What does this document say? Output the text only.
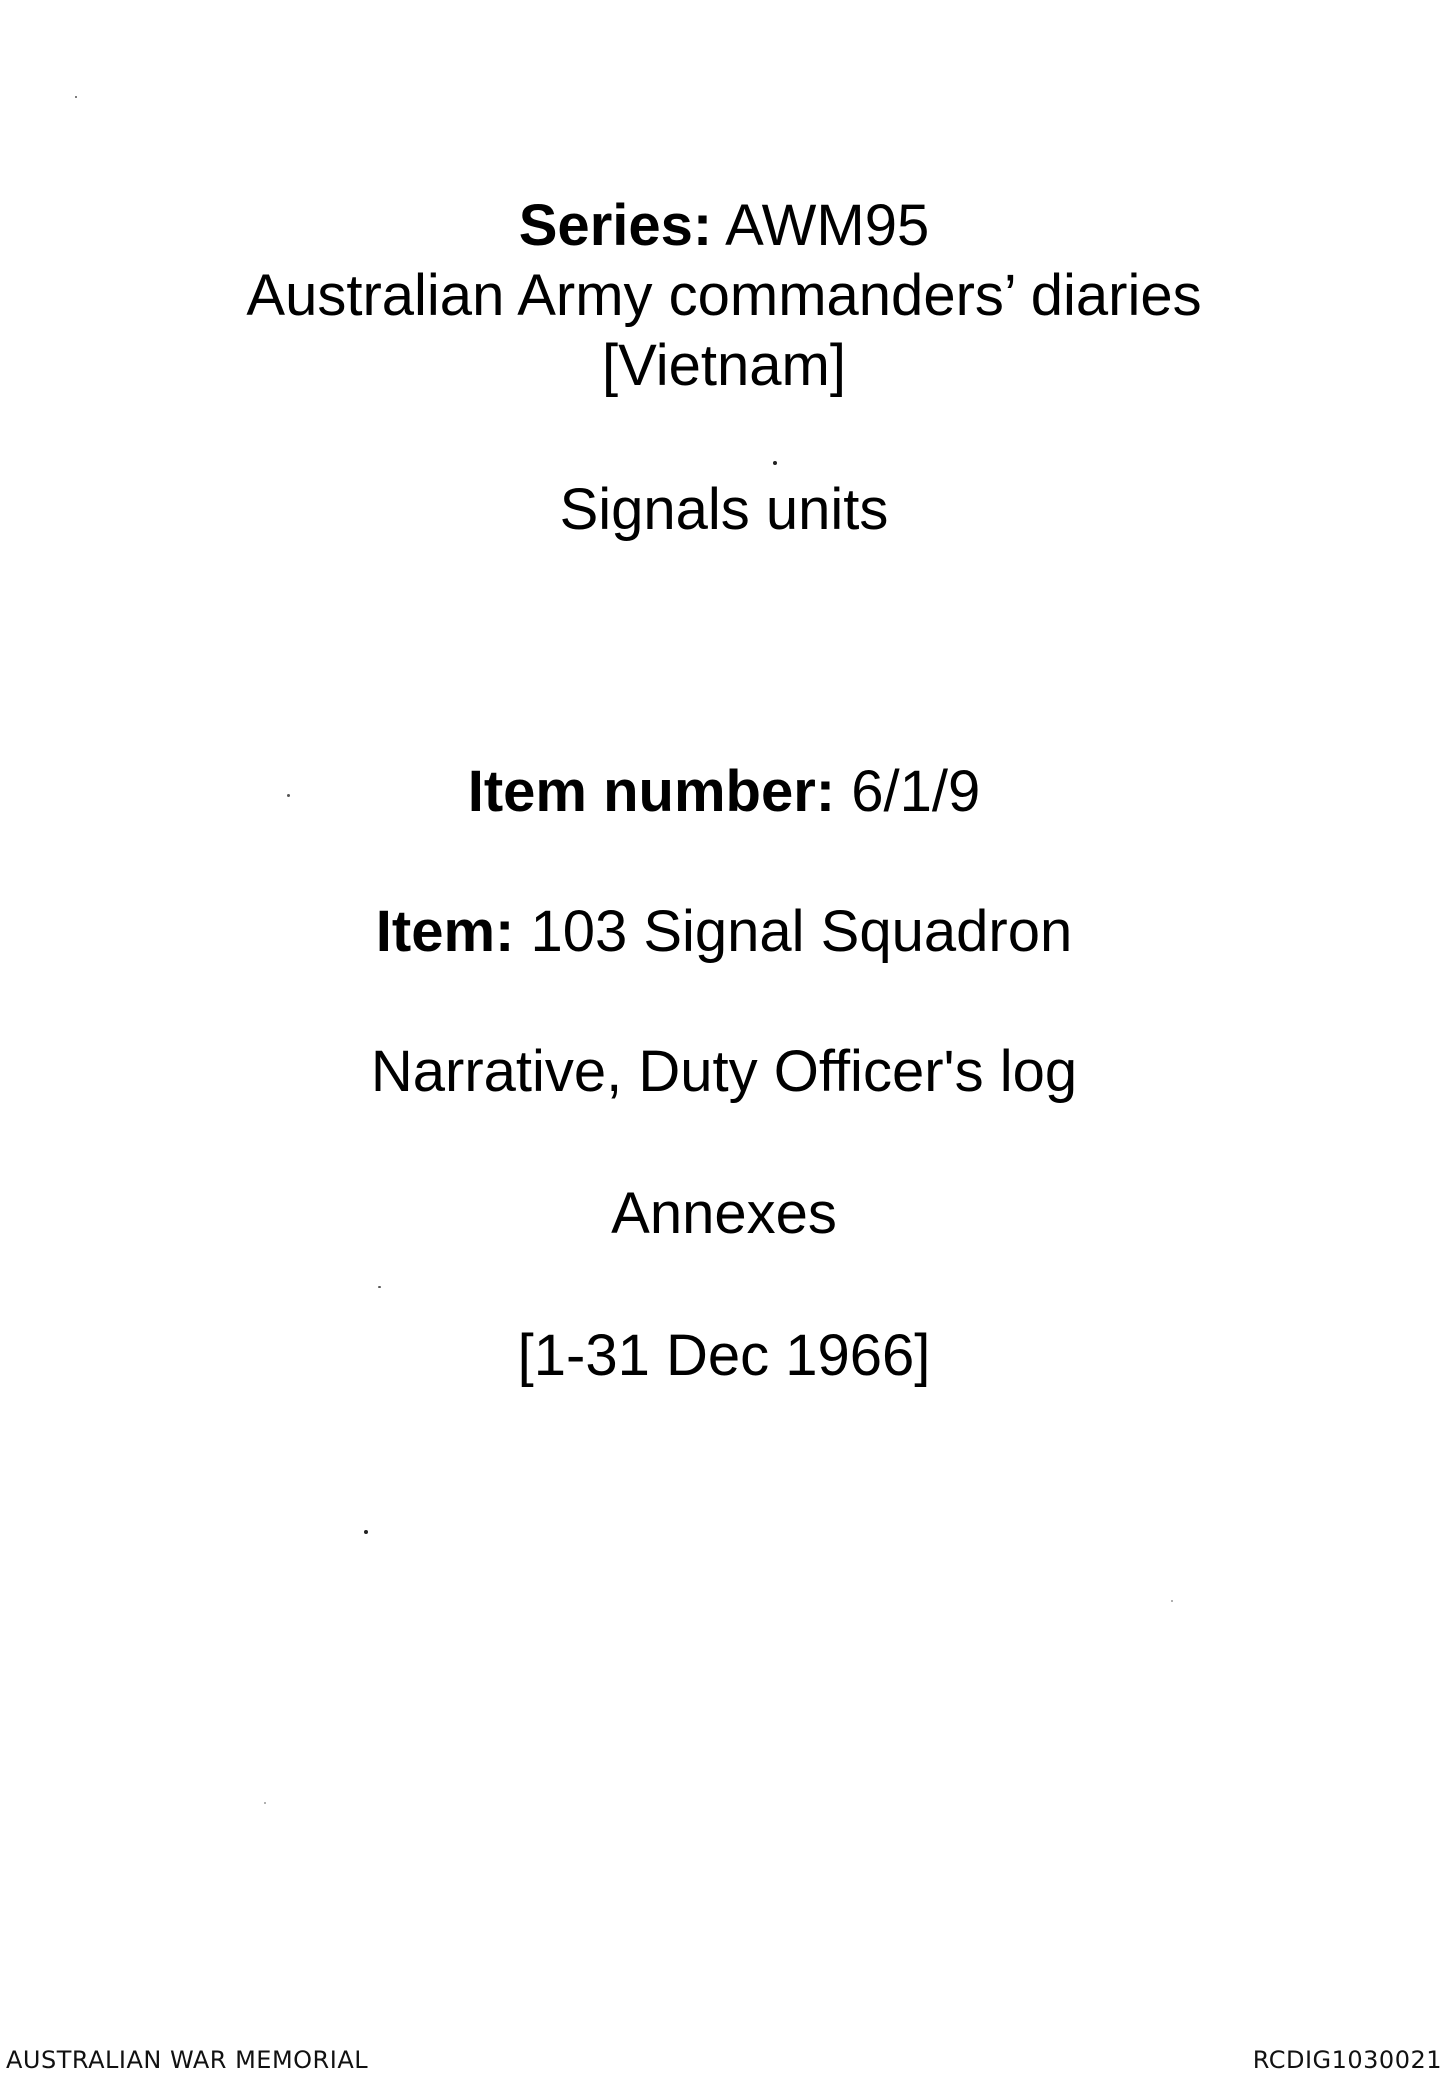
Series: AWM95
Australian Army commanders’ diaries
[Vietnam]
Signals units
Item number: 6/1/9
Item: 103 Signal Squadron
Narrative, Duty Officer's log
Annexes
[1-31 Dec 1966]
AUSTRALIAN WAR MEMORIAL	RCDIG1030021
